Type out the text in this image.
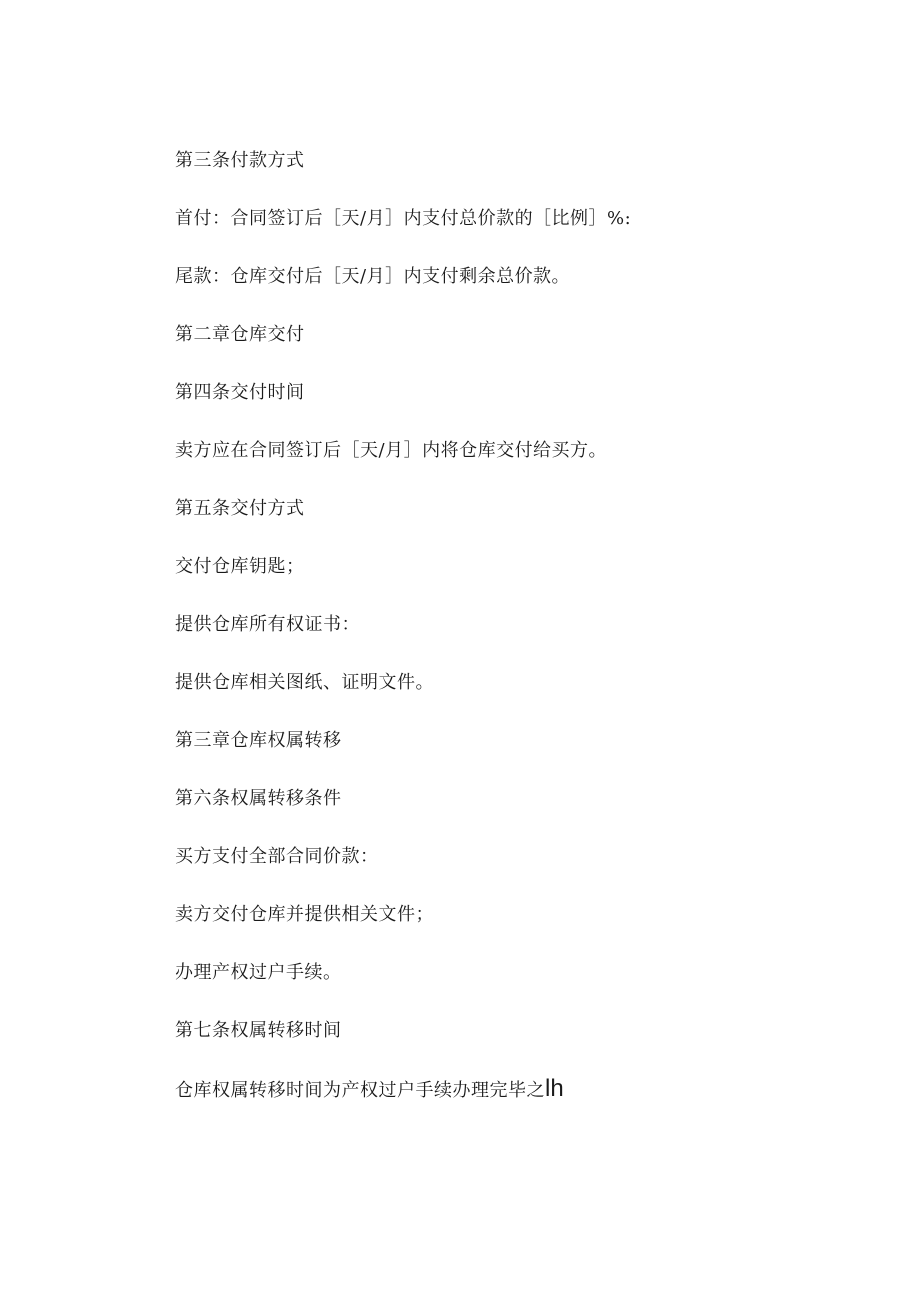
第三条付款方式
首付：合同签订后［天/月］内支付总价款的［比例］%:
尾款：仓库交付后［天/月］内支付剩余总价款。
第二章仓库交付
第四条交付时间
卖方应在合同签订后［天/月］内将仓库交付给买方。
第五条交付方式
交付仓库钥匙；
提供仓库所有权证书：
提供仓库相关图纸、证明文件。
第三章仓库权属转移
第六条权属转移条件
买方支付全部合同价款：
卖方交付仓库并提供相关文件；
办理产权过户手续。
第七条权属转移时间
仓库权属转移时间为产权过户手续办理完毕之lh
